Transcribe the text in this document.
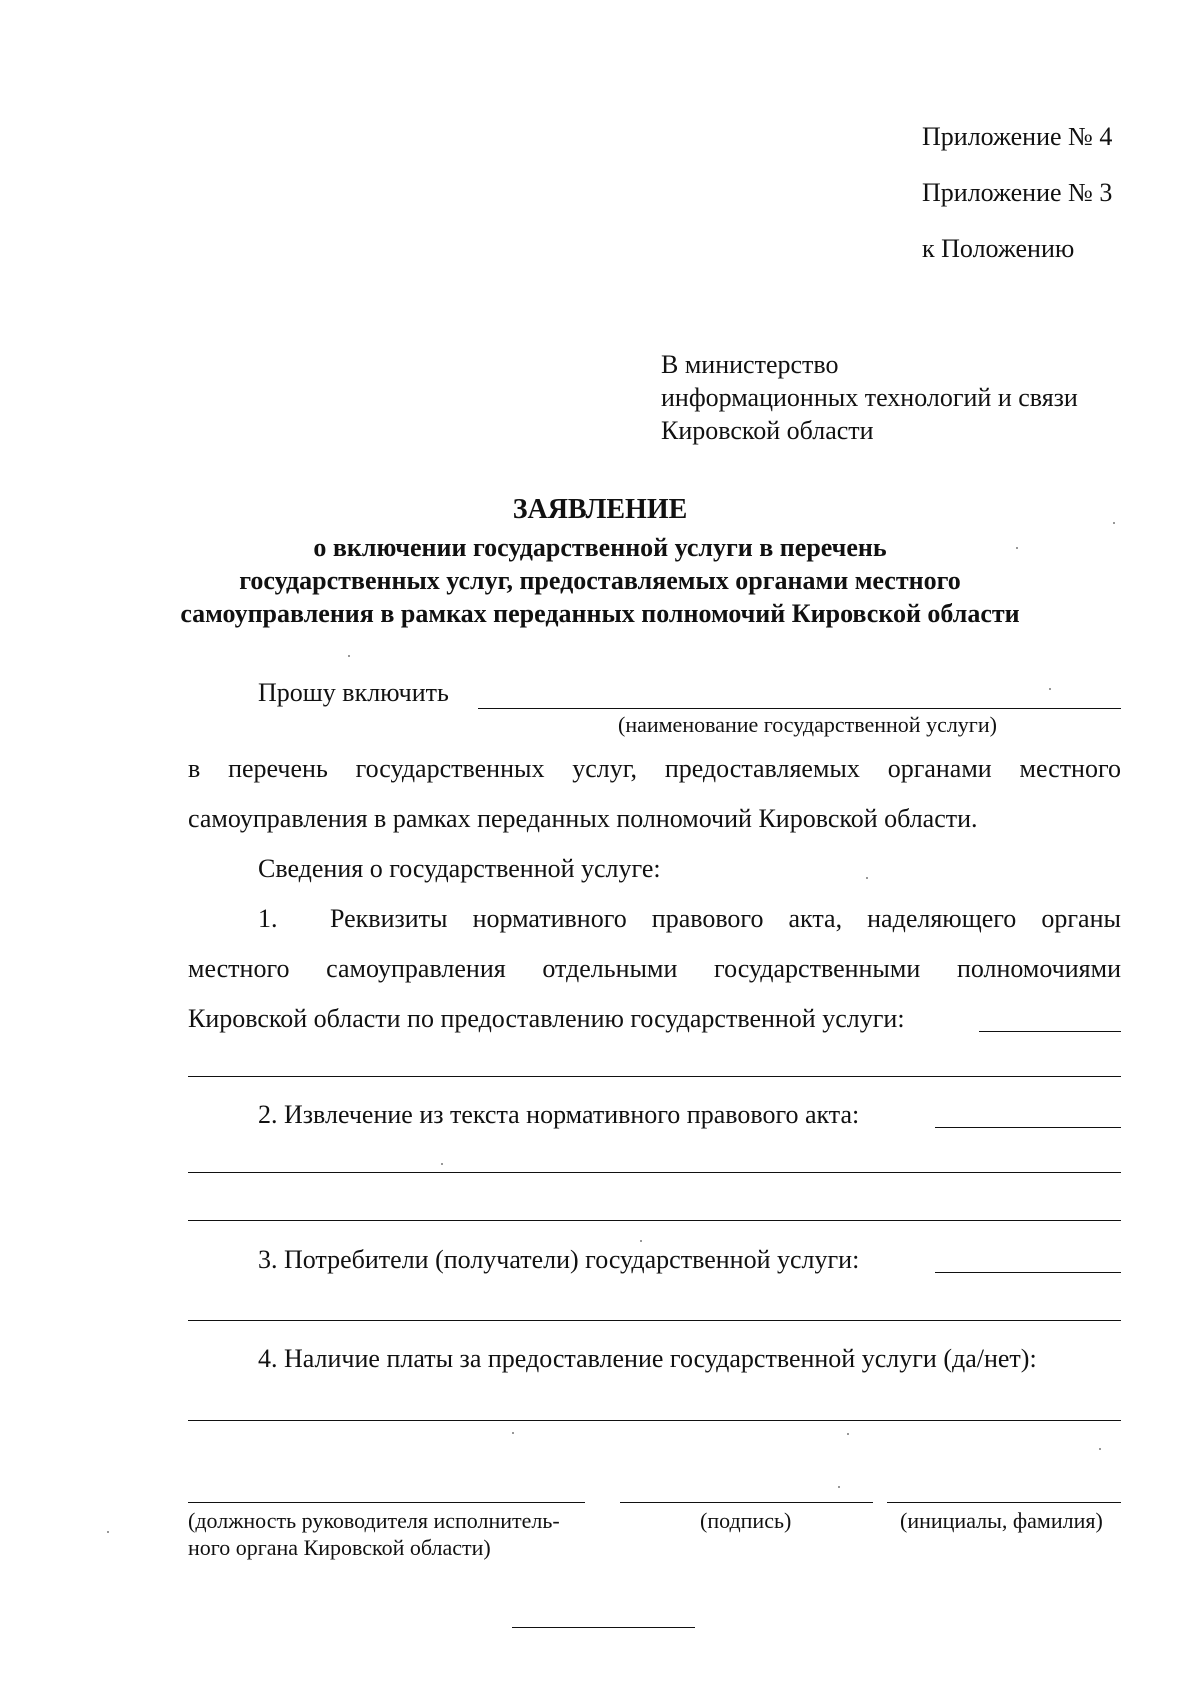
Приложение № 4
Приложение № 3
к Положению
В министерство
информационных технологий и связи
Кировской области
ЗАЯВЛЕНИЕ
о включении государственной услуги в перечень
государственных услуг, предоставляемых органами местного
самоуправления в рамках переданных полномочий Кировской области
Прошу включить
(наименование государственной услуги)
в перечень государственных услуг, предоставляемых органами местного
самоуправления в рамках переданных полномочий Кировской области.
Сведения о государственной услуге:
1. Реквизиты нормативного правового акта, наделяющего органы
местного самоуправления отдельными государственными полномочиями
Кировской области по предоставлению государственной услуги:
2. Извлечение из текста нормативного правового акта:
3. Потребители (получатели) государственной услуги:
4. Наличие платы за предоставление государственной услуги (да/нет):
(должность руководителя исполнитель-
ного органа Кировской области)
(подпись)	(инициалы, фамилия)
